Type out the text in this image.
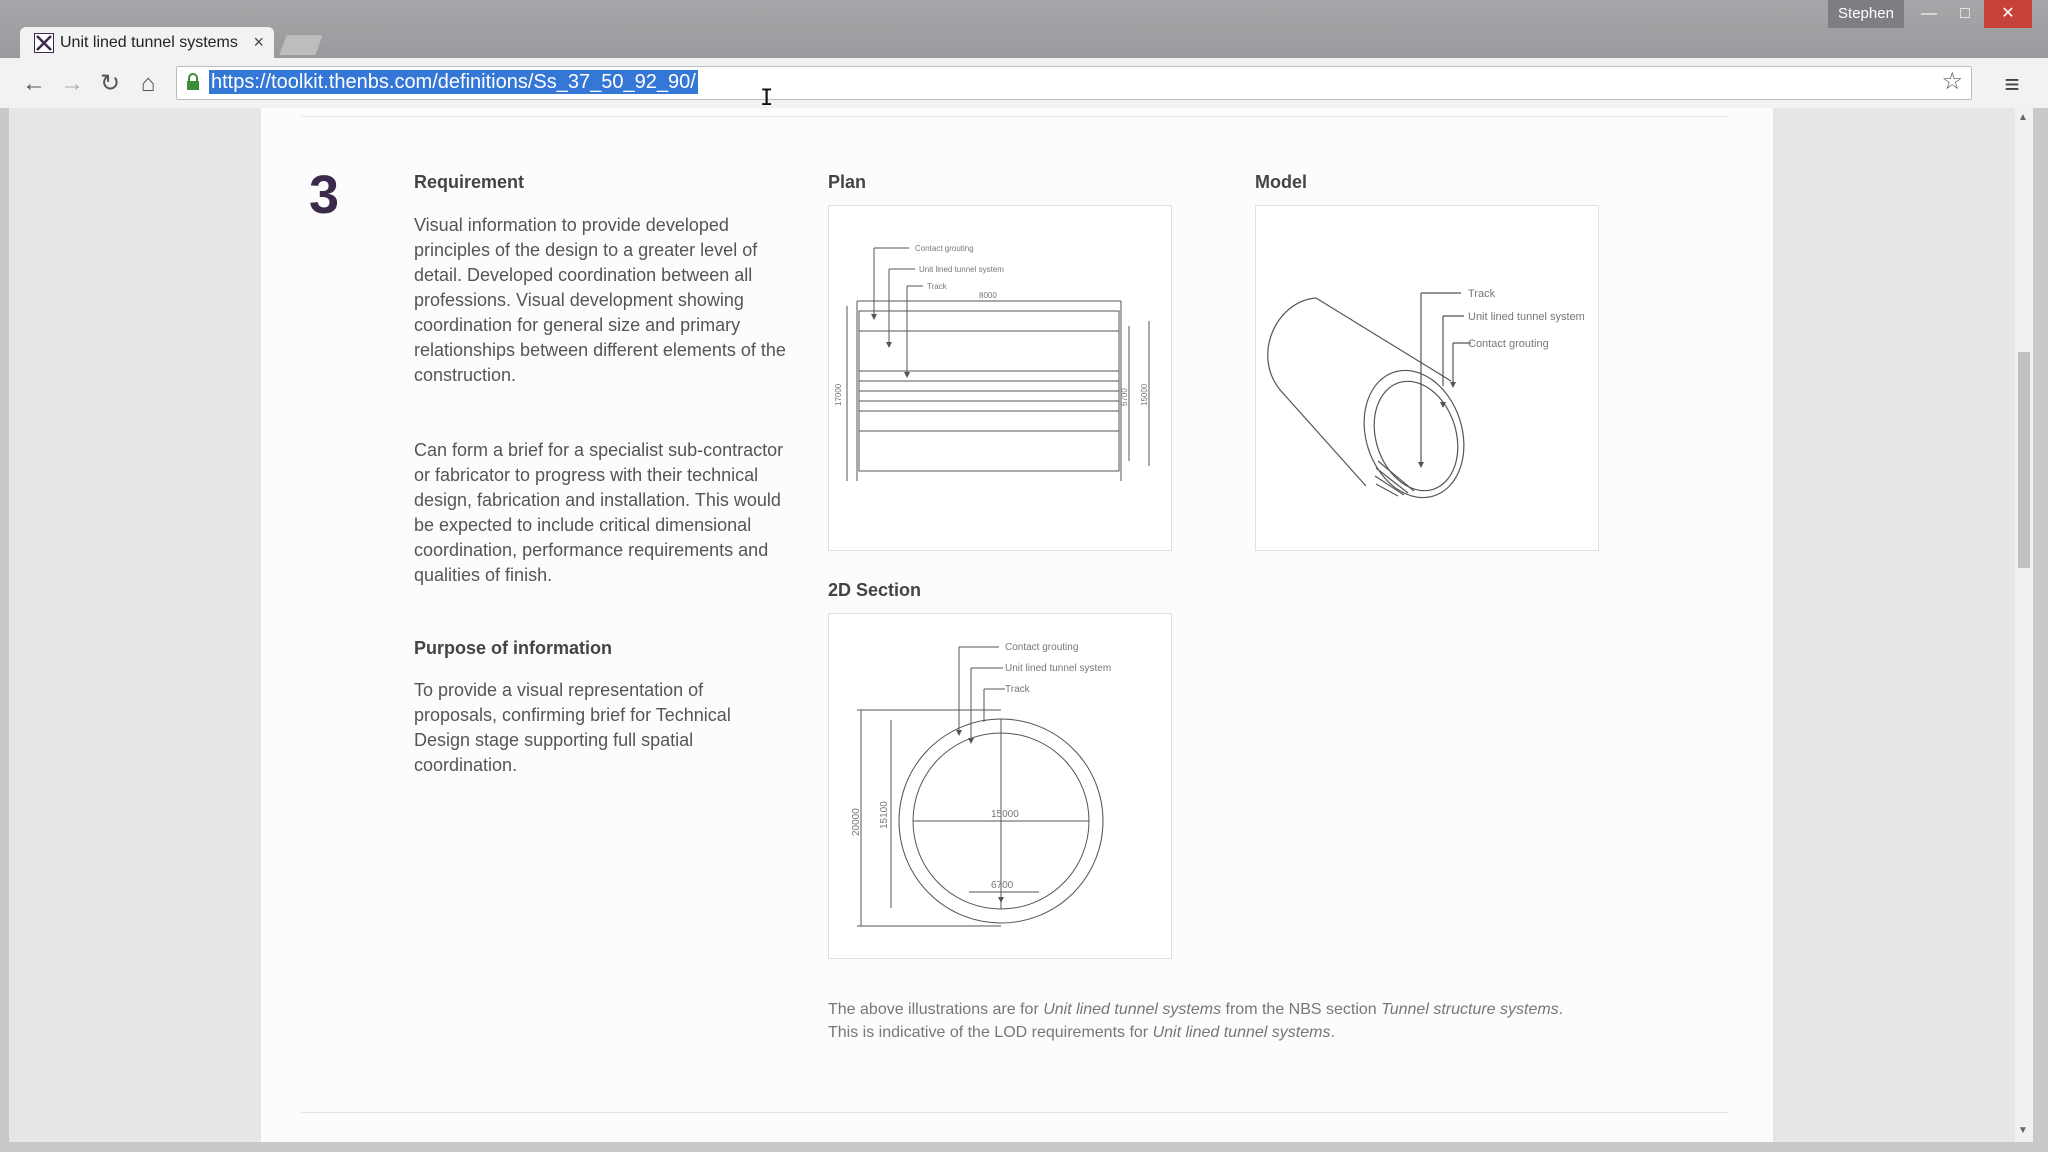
Unit lined tunnel systems ×
Stephen	—	□	✕
← → ↻ ⌂	https://toolkit.thenbs.com/definitions/Ss_37_50_92_90/	☆ ≡
3	Requirement
Visual information to provide developed principles of the design to a greater level of detail. Developed coordination between all professions. Visual development showing coordination for general size and primary relationships between different elements of the construction.
Can form a brief for a specialist sub-contractor or fabricator to progress with their technical design, fabrication and installation. This would be expected to include critical dimensional coordination, performance requirements and qualities of finish.
Purpose of information
To provide a visual representation of proposals, confirming brief for Technical Design stage supporting full spatial coordination.
Plan
Contact grouting
Unit lined tunnel system
Track
8000
17000	6700 15000
Model
Track
Unit lined tunnel system
Contact grouting
2D Section
Contact grouting
Unit lined tunnel system
Track
20000 15100	15000
6700
The above illustrations are for Unit lined tunnel systems from the NBS section Tunnel structure systems. This is indicative of the LOD requirements for Unit lined tunnel systems.
▲
▼
I
